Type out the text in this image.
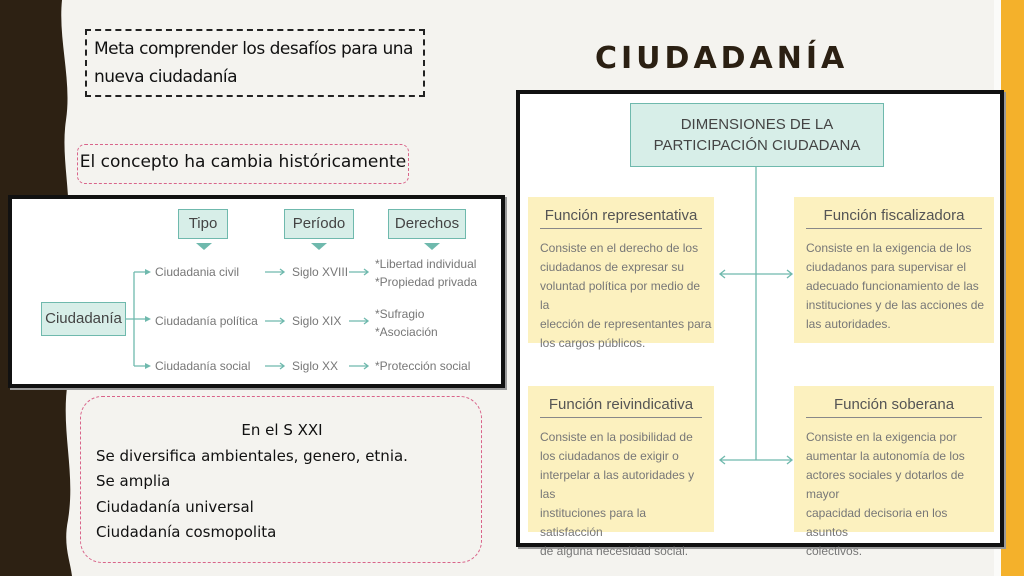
Meta comprender los desafíos para una nueva ciudadanía
CIUDADANÍA
El concepto ha cambia históricamente
Tipo	Período	Derechos
Ciudadanía
Ciudadania civil
Ciudadanía política
Ciudadanía social
Siglo XVIII
Siglo XIX
Siglo XX
*Libertad individual
*Propiedad privada
*Sufragio
*Asociación
*Protección social
En el S XXI
Se diversifica ambientales, genero, etnia.
Se amplia
Ciudadanía universal
Ciudadanía cosmopolita
DIMENSIONES DE LA
PARTICIPACIÓN CIUDADANA
Función representativa
Consiste en el derecho de los
ciudadanos de expresar su
voluntad política por medio de la
elección de representantes para
los cargos públicos.
Función fiscalizadora
Consiste en la exigencia de los
ciudadanos para supervisar el
adecuado funcionamiento de las
instituciones y de las acciones de
las autoridades.
Función reivindicativa
Consiste en la posibilidad de
los ciudadanos de exigir o
interpelar a las autoridades y las
instituciones para la satisfacción
de alguna necesidad social.
Función soberana
Consiste en la exigencia por
aumentar la autonomía de los
actores sociales y dotarlos de mayor
capacidad decisoria en los asuntos
colectivos.
